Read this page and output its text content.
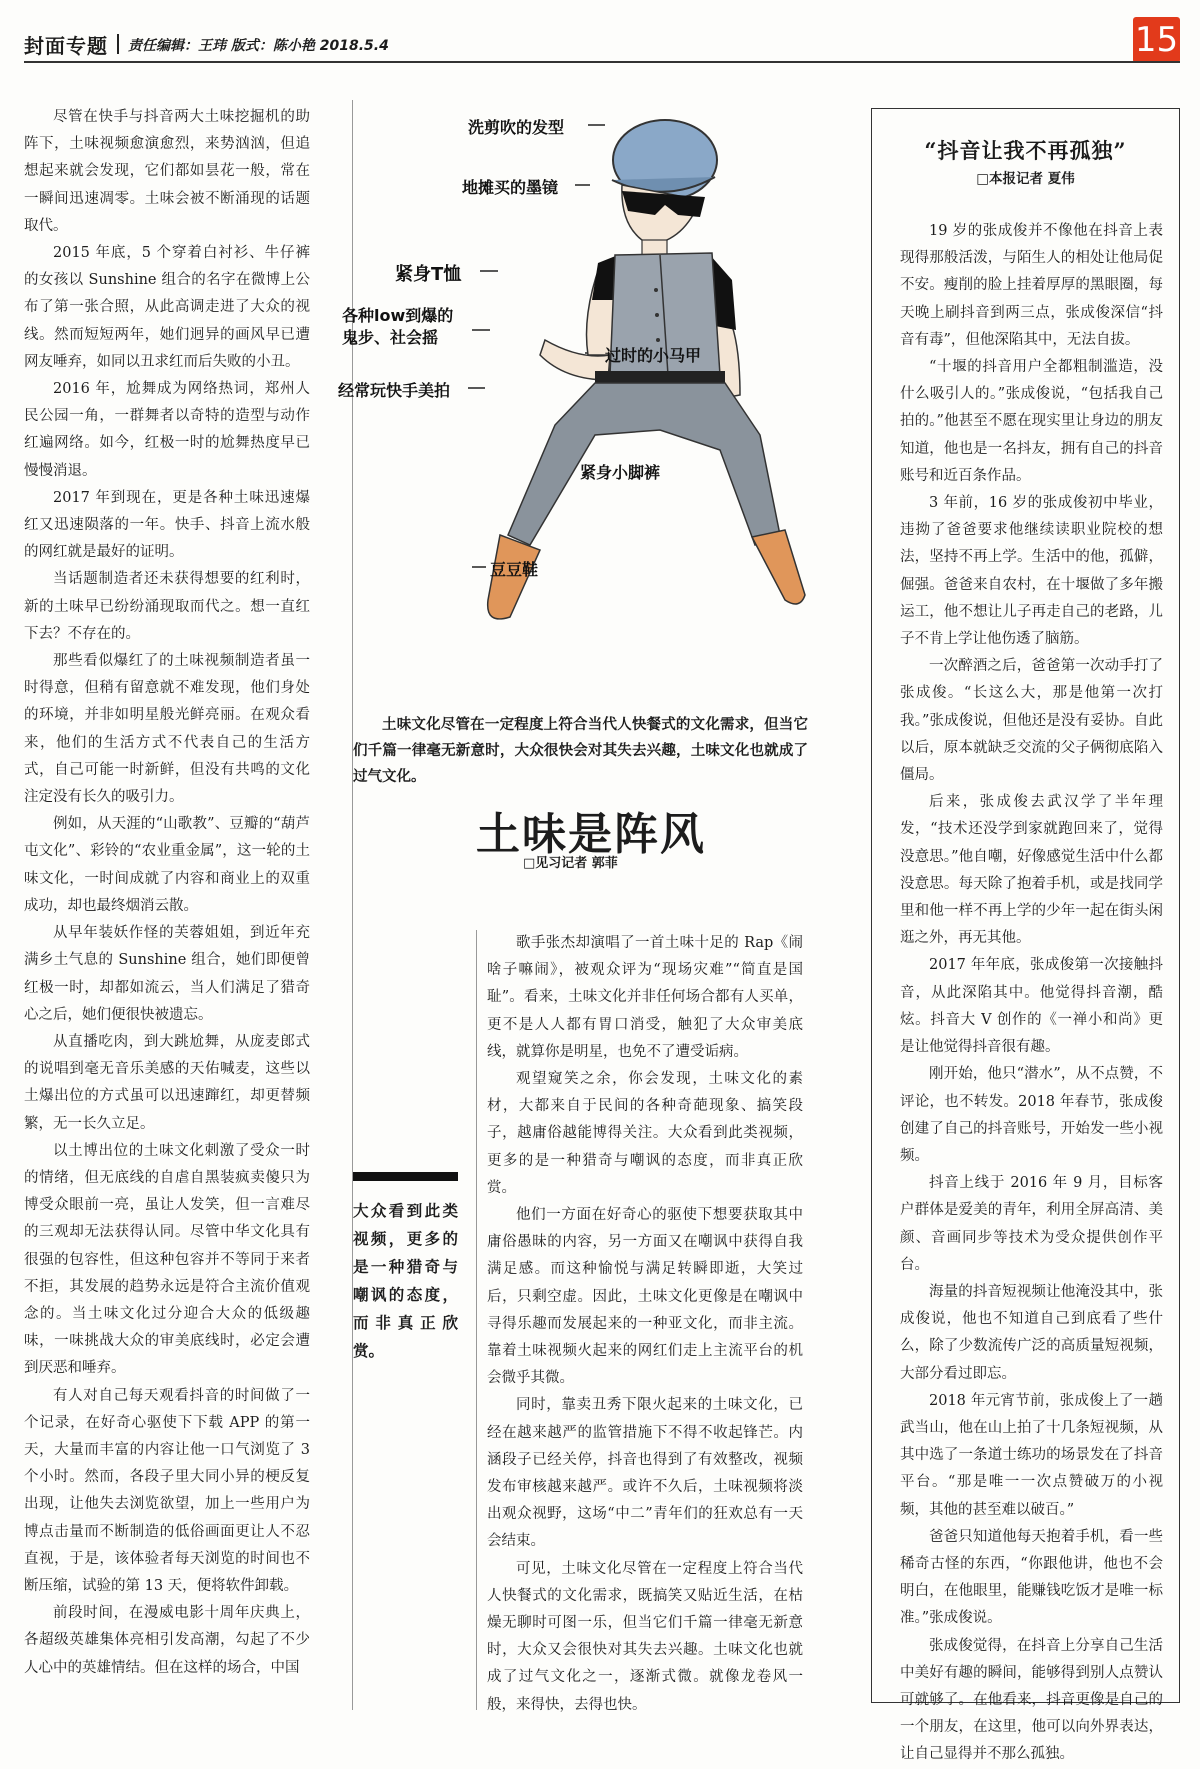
封面专题 责任编辑：王玮 版式：陈小艳 2018.5.4	15

尽管在快手与抖音两大土味挖掘机的助阵下，土味视频愈演愈烈，来势汹汹，但追想起来就会发现，它们都如昙花一般，常在一瞬间迅速凋零。土味会被不断涌现的话题取代。

2015 年底，5 个穿着白衬衫、牛仔裤的女孩以 Sunshine 组合的名字在微博上公布了第一张合照，从此高调走进了大众的视线。然而短短两年，她们迥异的画风早已遭网友唾弃，如同以丑求红而后失败的小丑。

2016 年，尬舞成为网络热词，郑州人民公园一角，一群舞者以奇特的造型与动作红遍网络。如今，红极一时的尬舞热度早已慢慢消退。

2017 年到现在，更是各种土味迅速爆红又迅速陨落的一年。快手、抖音上流水般的网红就是最好的证明。

当话题制造者还未获得想要的红利时，新的土味早已纷纷涌现取而代之。想一直红下去？不存在的。

那些看似爆红了的土味视频制造者虽一时得意，但稍有留意就不难发现，他们身处的环境，并非如明星般光鲜亮丽。在观众看来，他们的生活方式不代表自己的生活方式，自己可能一时新鲜，但没有共鸣的文化注定没有长久的吸引力。

例如，从天涯的“山歌教”、豆瓣的“葫芦屯文化”、彩铃的“农业重金属”，这一轮的土味文化，一时间成就了内容和商业上的双重成功，却也最终烟消云散。

从早年装妖作怪的芙蓉姐姐，到近年充满乡土气息的 Sunshine 组合，她们即便曾红极一时，却都如流云，当人们满足了猎奇心之后，她们便很快被遗忘。

从直播吃肉，到大跳尬舞，从庞麦郎式的说唱到毫无音乐美感的天佑喊麦，这些以土爆出位的方式虽可以迅速蹿红，却更替频繁，无一长久立足。

以土博出位的土味文化刺激了受众一时的情绪，但无底线的自虐自黑装疯卖傻只为博受众眼前一亮，虽让人发笑，但一言难尽的三观却无法获得认同。尽管中华文化具有很强的包容性，但这种包容并不等同于来者不拒，其发展的趋势永远是符合主流价值观念的。当土味文化过分迎合大众的低级趣味，一味挑战大众的审美底线时，必定会遭到厌恶和唾弃。

有人对自己每天观看抖音的时间做了一个记录，在好奇心驱使下下载 APP 的第一天，大量而丰富的内容让他一口气浏览了 3 个小时。然而，各段子里大同小异的梗反复出现，让他失去浏览欲望，加上一些用户为博点击量而不断制造的低俗画面更让人不忍直视，于是，该体验者每天浏览的时间也不断压缩，试验的第 13 天，便将软件卸载。

前段时间，在漫威电影十周年庆典上，各超级英雄集体亮相引发高潮，勾起了不少人心中的英雄情结。但在这样的场合，中国

洗剪吹的发型
地摊买的墨镜
紧身T恤
各种low到爆的
鬼步、社会摇
过时的小马甲
经常玩快手美拍
紧身小脚裤
豆豆鞋
土味文化尽管在一定程度上符合当代人快餐式的文化需求，但当它们千篇一律毫无新意时，大众很快会对其失去兴趣，土味文化也就成了过气文化。
土味是阵风
□见习记者 郭菲
大众看到此类视频，更多的是一种猎奇与嘲讽的态度，而非真正欣赏。

歌手张杰却演唱了一首土味十足的 Rap《闹啥子嘛闹》，被观众评为“现场灾难”“简直是国耻”。看来，土味文化并非任何场合都有人买单，更不是人人都有胃口消受，触犯了大众审美底线，就算你是明星，也免不了遭受诟病。

观望窥笑之余，你会发现，土味文化的素材，大都来自于民间的各种奇葩现象、搞笑段子，越庸俗越能博得关注。大众看到此类视频，更多的是一种猎奇与嘲讽的态度，而非真正欣赏。

他们一方面在好奇心的驱使下想要获取其中庸俗愚昧的内容，另一方面又在嘲讽中获得自我满足感。而这种愉悦与满足转瞬即逝，大笑过后，只剩空虚。因此，土味文化更像是在嘲讽中寻得乐趣而发展起来的一种亚文化，而非主流。靠着土味视频火起来的网红们走上主流平台的机会微乎其微。

同时，靠卖丑秀下限火起来的土味文化，已经在越来越严的监管措施下不得不收起锋芒。内涵段子已经关停，抖音也得到了有效整改，视频发布审核越来越严。或许不久后，土味视频将淡出观众视野，这场“中二”青年们的狂欢总有一天会结束。

可见，土味文化尽管在一定程度上符合当代人快餐式的文化需求，既搞笑又贴近生活，在枯燥无聊时可图一乐，但当它们千篇一律毫无新意时，大众又会很快对其失去兴趣。土味文化也就成了过气文化之一，逐渐式微。就像龙卷风一般，来得快，去得也快。

“抖音让我不再孤独”
□本报记者 夏伟

19 岁的张成俊并不像他在抖音上表现得那般活泼，与陌生人的相处让他局促不安。瘦削的脸上挂着厚厚的黑眼圈，每天晚上刷抖音到两三点，张成俊深信“抖音有毒”，但他深陷其中，无法自拔。

“十堰的抖音用户全都粗制滥造，没什么吸引人的。”张成俊说，“包括我自己拍的。”他甚至不愿在现实里让身边的朋友知道，他也是一名抖友，拥有自己的抖音账号和近百条作品。

3 年前，16 岁的张成俊初中毕业，违拗了爸爸要求他继续读职业院校的想法，坚持不再上学。生活中的他，孤僻，倔强。爸爸来自农村，在十堰做了多年搬运工，他不想让儿子再走自己的老路，儿子不肯上学让他伤透了脑筋。

一次醉酒之后，爸爸第一次动手打了张成俊。“长这么大，那是他第一次打我。”张成俊说，但他还是没有妥协。自此以后，原本就缺乏交流的父子俩彻底陷入僵局。

后来，张成俊去武汉学了半年理发，“技术还没学到家就跑回来了，觉得没意思。”他自嘲，好像感觉生活中什么都没意思。每天除了抱着手机，或是找同学里和他一样不再上学的少年一起在街头闲逛之外，再无其他。

2017 年年底，张成俊第一次接触抖音，从此深陷其中。他觉得抖音潮，酷炫。抖音大 V 创作的《一禅小和尚》更是让他觉得抖音很有趣。

刚开始，他只“潜水”，从不点赞，不评论，也不转发。2018 年春节，张成俊创建了自己的抖音账号，开始发一些小视频。

抖音上线于 2016 年 9 月，目标客户群体是爱美的青年，利用全屏高清、美颜、音画同步等技术为受众提供创作平台。

海量的抖音短视频让他淹没其中，张成俊说，他也不知道自己到底看了些什么，除了少数流传广泛的高质量短视频，大部分看过即忘。

2018 年元宵节前，张成俊上了一趟武当山，他在山上拍了十几条短视频，从其中选了一条道士练功的场景发在了抖音平台。“那是唯一一次点赞破万的小视频，其他的甚至难以破百。”

爸爸只知道他每天抱着手机，看一些稀奇古怪的东西，“你跟他讲，他也不会明白，在他眼里，能赚钱吃饭才是唯一标准。”张成俊说。

张成俊觉得，在抖音上分享自己生活中美好有趣的瞬间，能够得到别人点赞认可就够了。在他看来，抖音更像是自己的一个朋友，在这里，他可以向外界表达，让自己显得并不那么孤独。
